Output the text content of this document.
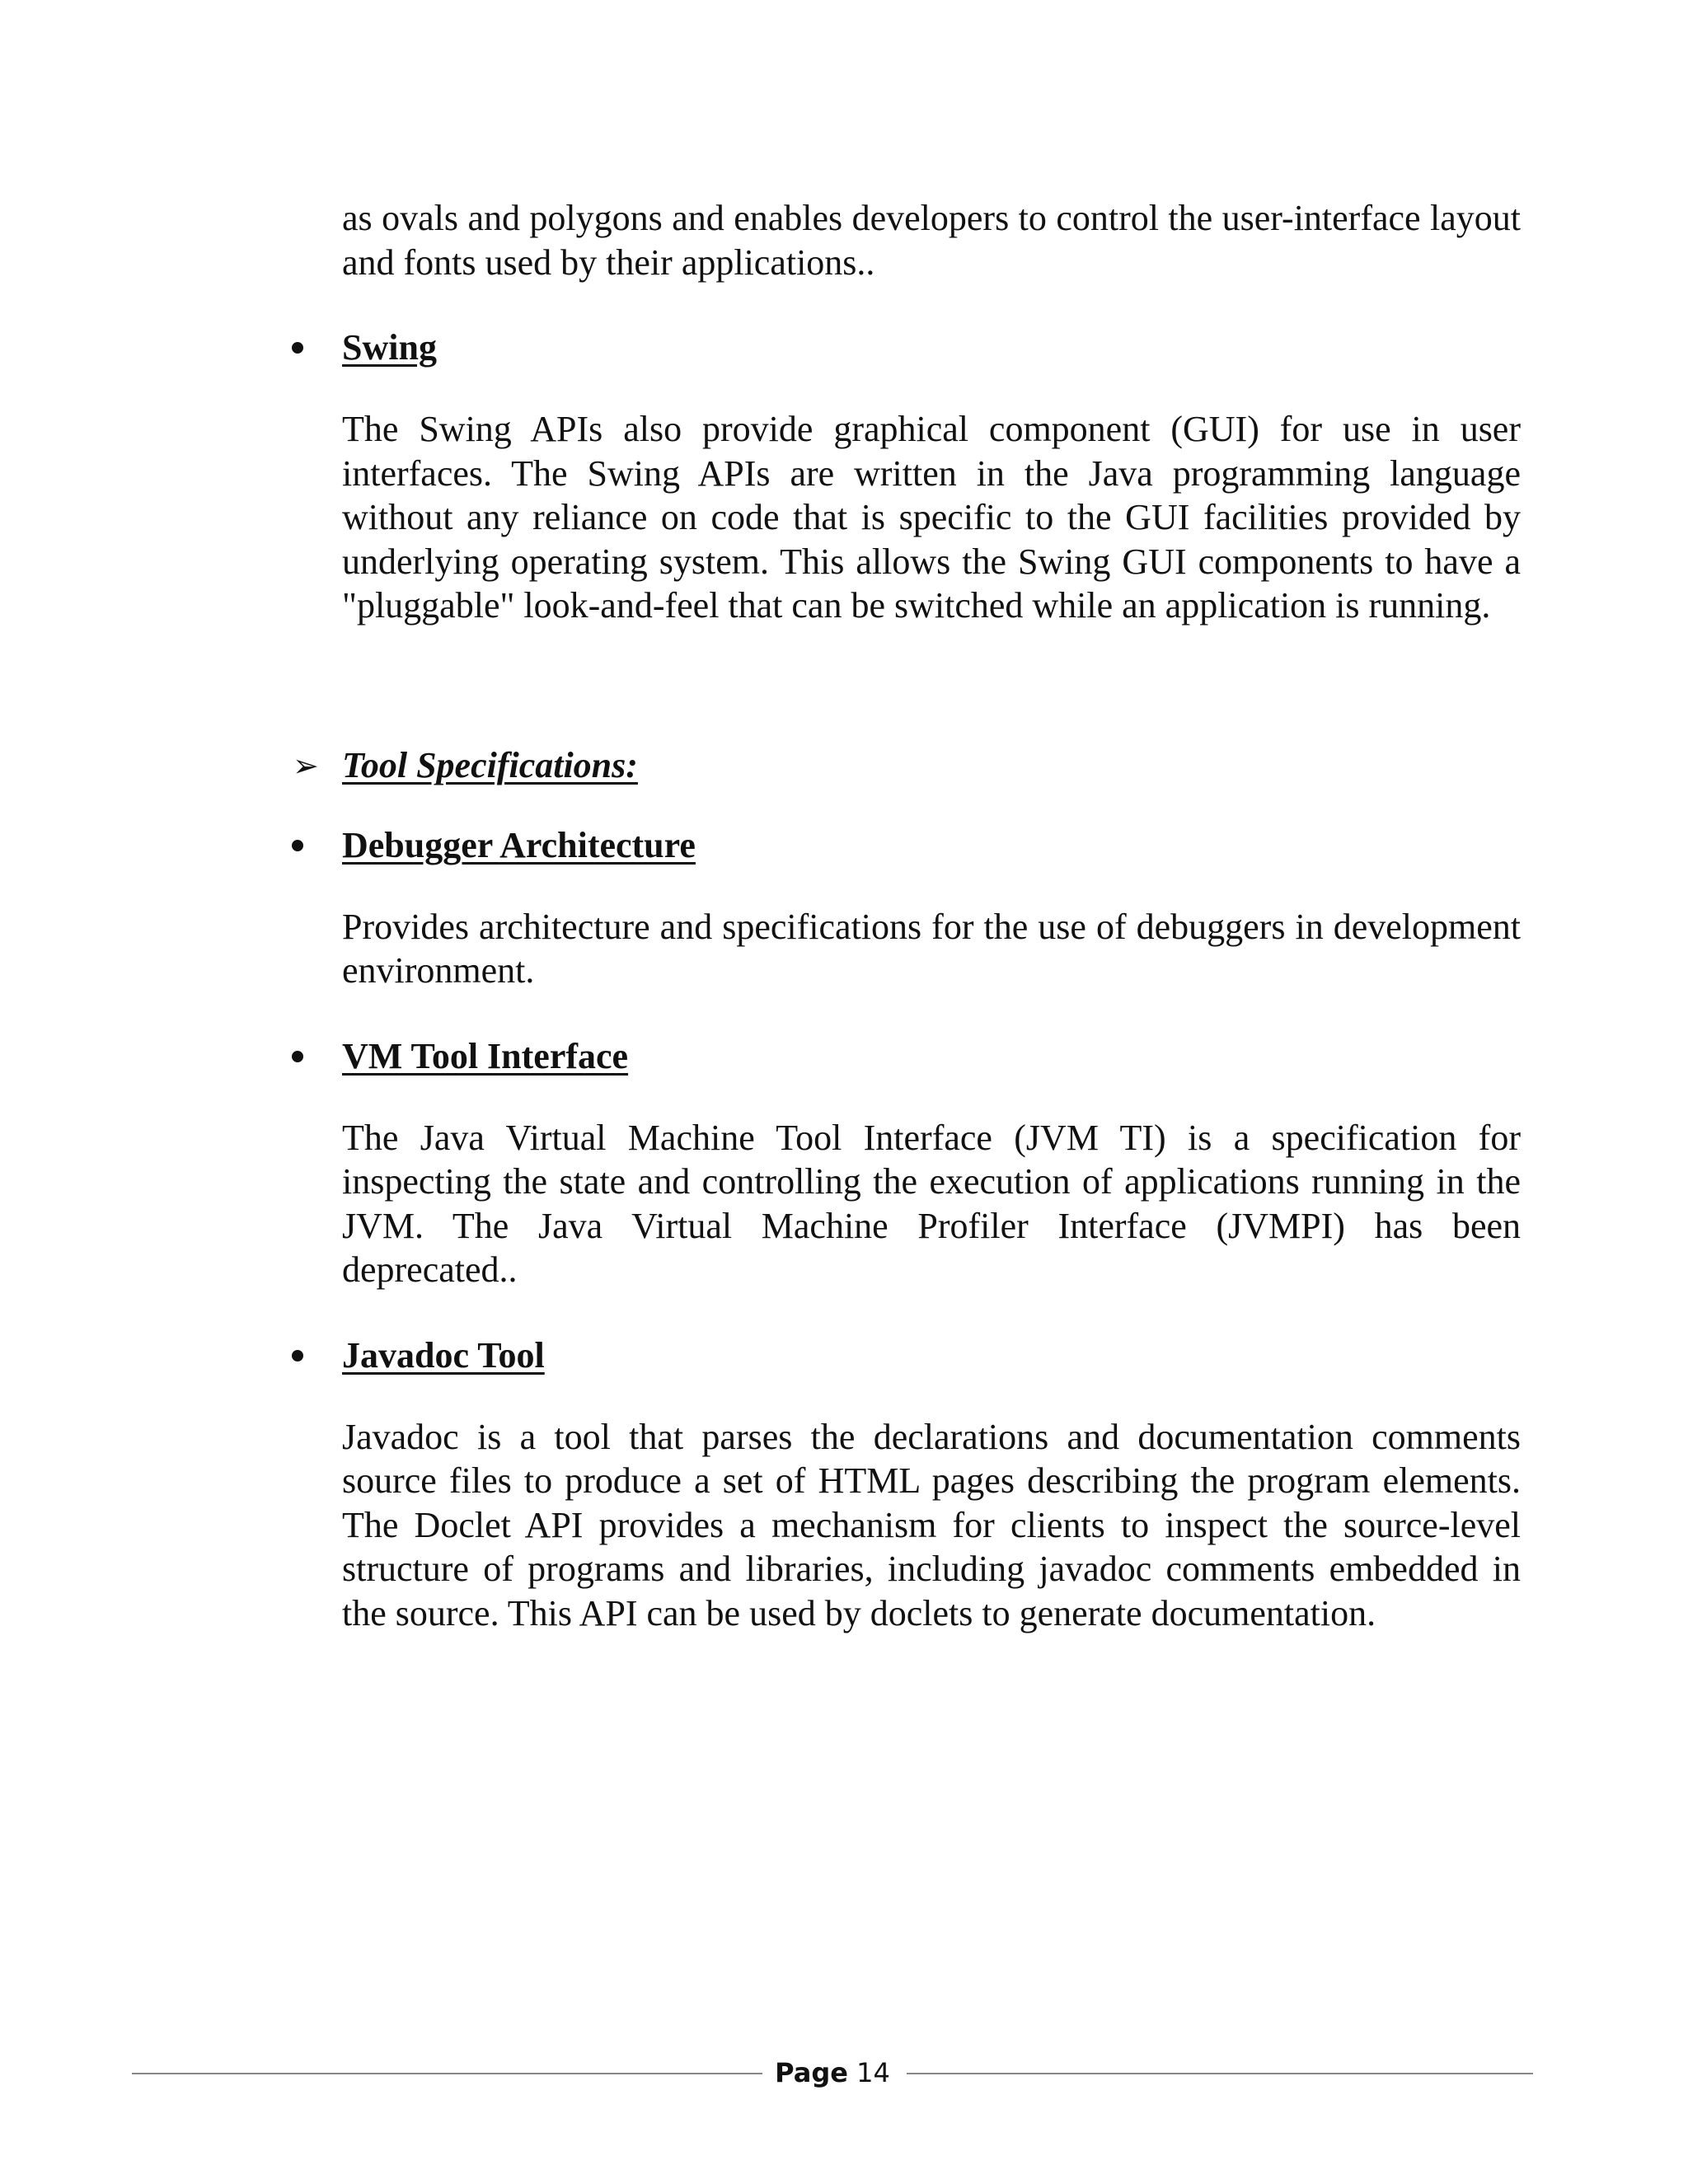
as ovals and polygons and enables developers to control the user-interface layout and fonts used by their applications..

Swing

The Swing APIs also provide graphical component (GUI) for use in user interfaces. The Swing APIs are written in the Java programming language without any reliance on code that is specific to the GUI facilities provided by underlying operating system. This allows the Swing GUI components to have a "pluggable" look-and-feel that can be switched while an application is running.

➢ Tool Specifications:

Debugger Architecture

Provides architecture and specifications for the use of debuggers in development environment.

VM Tool Interface

The Java Virtual Machine Tool Interface (JVM TI) is a specification for inspecting the state and controlling the execution of applications running in the JVM. The Java Virtual Machine Profiler Interface (JVMPI) has been deprecated..

Javadoc Tool

Javadoc is a tool that parses the declarations and documentation comments source files to produce a set of HTML pages describing the program elements. The Doclet API provides a mechanism for clients to inspect the source-level structure of programs and libraries, including javadoc comments embedded in the source. This API can be used by doclets to generate documentation.

Page 14
